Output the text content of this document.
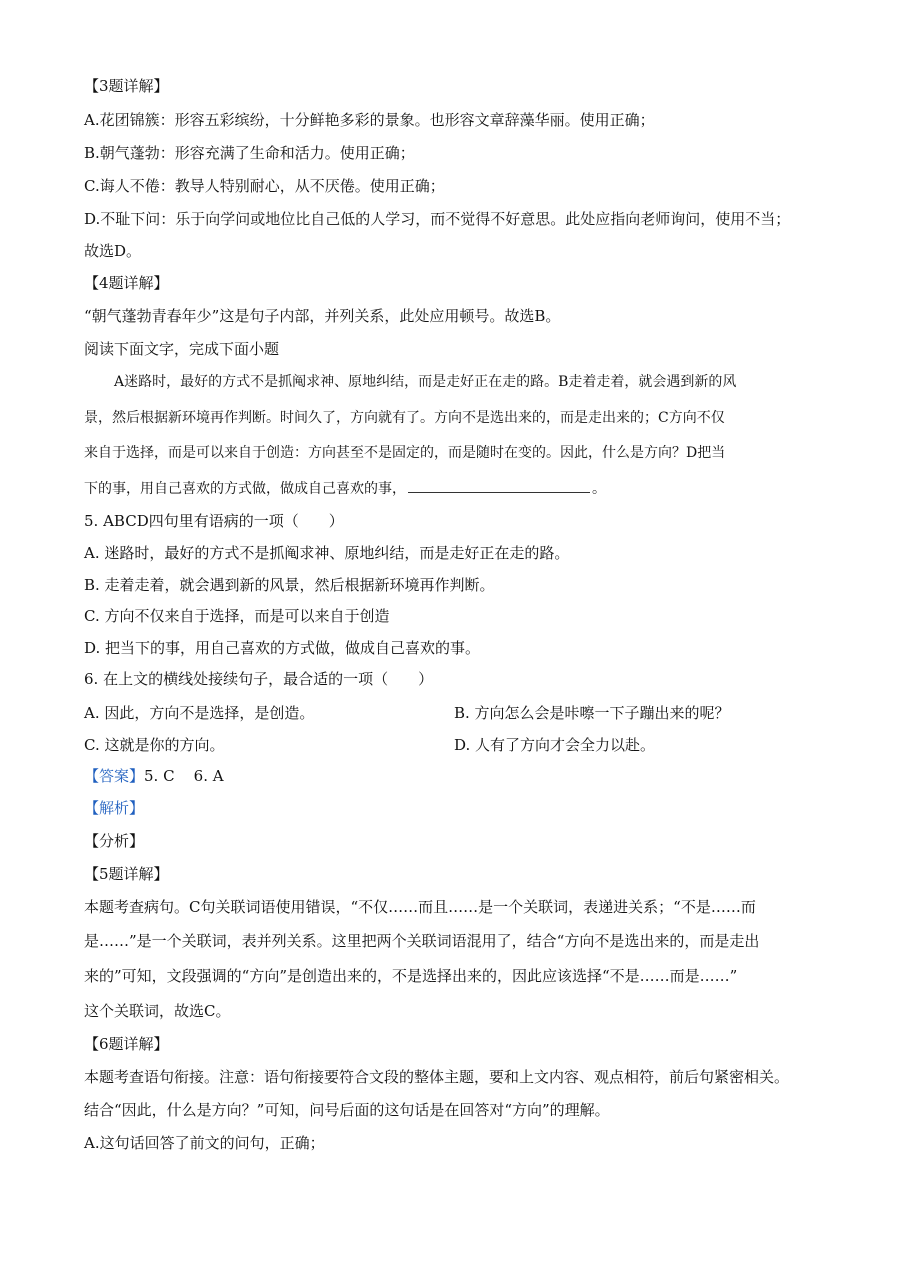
【3题详解】
A.花团锦簇：形容五彩缤纷，十分鲜艳多彩的景象。也形容文章辞藻华丽。使用正确；
B.朝气蓬勃：形容充满了生命和活力。使用正确；
C.诲人不倦：教导人特别耐心，从不厌倦。使用正确；
D.不耻下问：乐于向学问或地位比自己低的人学习，而不觉得不好意思。此处应指向老师询问，使用不当；
故选D。
【4题详解】
“朝气蓬勃青春年少”这是句子内部，并列关系，此处应用顿号。故选B。
阅读下面文字，完成下面小题
A迷路时，最好的方式不是抓阄求神、原地纠结，而是走好正在走的路。B走着走着，就会遇到新的风
景，然后根据新环境再作判断。时间久了，方向就有了。方向不是选出来的，而是走出来的；C方向不仅
来自于选择，而是可以来自于创造：方向甚至不是固定的，而是随时在变的。因此，什么是方向？D把当
下的事，用自己喜欢的方式做，做成自己喜欢的事，	。
5. ABCD四句里有语病的一项（　　）
A. 迷路时，最好的方式不是抓阄求神、原地纠结，而是走好正在走的路。
B. 走着走着，就会遇到新的风景，然后根据新环境再作判断。
C. 方向不仅来自于选择，而是可以来自于创造
D. 把当下的事，用自己喜欢的方式做，做成自己喜欢的事。
6. 在上文的横线处接续句子，最合适的一项（　　）
A. 因此，方向不是选择，是创造。	B. 方向怎么会是咔嚓一下子蹦出来的呢？
C. 这就是你的方向。	D. 人有了方向才会全力以赴。
【答案】5. C    6. A
【解析】
【分析】
【5题详解】
本题考查病句。C句关联词语使用错误，“不仅……而且……是一个关联词，表递进关系；“不是……而
是……”是一个关联词，表并列关系。这里把两个关联词语混用了，结合“方向不是选出来的，而是走出
来的”可知，文段强调的“方向”是创造出来的，不是选择出来的，因此应该选择“不是……而是……”
这个关联词，故选C。
【6题详解】
本题考查语句衔接。注意：语句衔接要符合文段的整体主题，要和上文内容、观点相符，前后句紧密相关。
结合“因此，什么是方向？”可知，问号后面的这句话是在回答对“方向”的理解。
A.这句话回答了前文的问句，正确；
